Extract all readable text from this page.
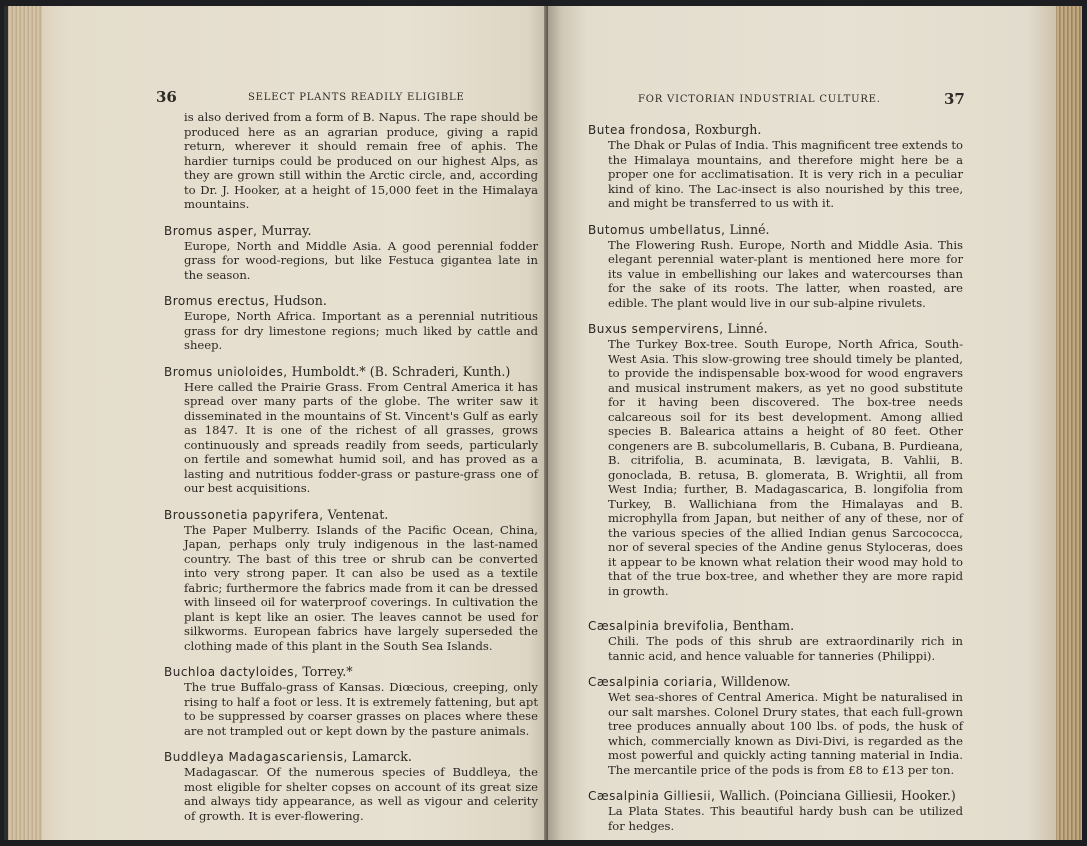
36	SELECT PLANTS READILY ELIGIBLE

is also derived from a form of B. Napus. The rape should be produced here as an agrarian produce, giving a rapid return, wherever it should remain free of aphis. The hardier turnips could be produced on our highest Alps, as they are grown still within the Arctic circle, and, according to Dr. J. Hooker, at a height of 15,000 feet in the Himalaya mountains.

Bromus asper, Murray.

Europe, North and Middle Asia. A good perennial fodder grass for wood-regions, but like Festuca gigantea late in the season.

Bromus erectus, Hudson.

Europe, North Africa. Important as a perennial nutritious grass for dry limestone regions; much liked by cattle and sheep.

Bromus unioloides, Humboldt.* (B. Schraderi, Kunth.)

Here called the Prairie Grass. From Central America it has spread over many parts of the globe. The writer saw it disseminated in the mountains of St. Vincent's Gulf as early as 1847. It is one of the richest of all grasses, grows continuously and spreads readily from seeds, particularly on fertile and somewhat humid soil, and has proved as a lasting and nutritious fodder-grass or pasture-grass one of our best acquisitions.

Broussonetia papyrifera, Ventenat.

The Paper Mulberry. Islands of the Pacific Ocean, China, Japan, perhaps only truly indigenous in the last-named country. The bast of this tree or shrub can be converted into very strong paper. It can also be used as a textile fabric; furthermore the fabrics made from it can be dressed with linseed oil for waterproof coverings. In cultivation the plant is kept like an osier. The leaves cannot be used for silkworms. European fabrics have largely superseded the clothing made of this plant in the South Sea Islands.

Buchloa dactyloides, Torrey.*

The true Buffalo-grass of Kansas. Diœcious, creeping, only rising to half a foot or less. It is extremely fattening, but apt to be suppressed by coarser grasses on places where these are not trampled out or kept down by the pasture animals.

Buddleya Madagascariensis, Lamarck.

Madagascar. Of the numerous species of Buddleya, the most eligible for shelter copses on account of its great size and always tidy appearance, as well as vigour and celerity of growth. It is ever-flowering.

FOR VICTORIAN INDUSTRIAL CULTURE.	37
Butea frondosa, Roxburgh.

The Dhak or Pulas of India. This magnificent tree extends to the Himalaya mountains, and therefore might here be a proper one for acclimatisation. It is very rich in a peculiar kind of kino. The Lac-insect is also nourished by this tree, and might be transferred to us with it.

Butomus umbellatus, Linné.

The Flowering Rush. Europe, North and Middle Asia. This elegant perennial water-plant is mentioned here more for its value in embellishing our lakes and watercourses than for the sake of its roots. The latter, when roasted, are edible. The plant would live in our sub-alpine rivulets.

Buxus sempervirens, Linné.

The Turkey Box-tree. South Europe, North Africa, South-West Asia. This slow-growing tree should timely be planted, to provide the indispensable box-wood for wood engravers and musical instrument makers, as yet no good substitute for it having been discovered. The box-tree needs calcareous soil for its best development. Among allied species B. Balearica attains a height of 80 feet. Other congeners are B. subcolumellaris, B. Cubana, B. Purdieana, B. citrifolia, B. acuminata, B. lævigata, B. Vahlii, B. gonoclada, B. retusa, B. glomerata, B. Wrightii, all from West India; further, B. Madagascarica, B. longifolia from Turkey, B. Wallichiana from the Himalayas and B. microphylla from Japan, but neither of any of these, nor of the various species of the allied Indian genus Sarcococca, nor of several species of the Andine genus Styloceras, does it appear to be known what relation their wood may hold to that of the true box-tree, and whether they are more rapid in growth.

Cæsalpinia brevifolia, Bentham.

Chili. The pods of this shrub are extraordinarily rich in tannic acid, and hence valuable for tanneries (Philippi).

Cæsalpinia coriaria, Willdenow.

Wet sea-shores of Central America. Might be naturalised in our salt marshes. Colonel Drury states, that each full-grown tree produces annually about 100 lbs. of pods, the husk of which, commercially known as Divi-Divi, is regarded as the most powerful and quickly acting tanning material in India. The mercantile price of the pods is from £8 to £13 per ton.

Cæsalpinia Gilliesii, Wallich. (Poinciana Gilliesii, Hooker.)

La Plata States. This beautiful hardy bush can be utilized for hedges.
